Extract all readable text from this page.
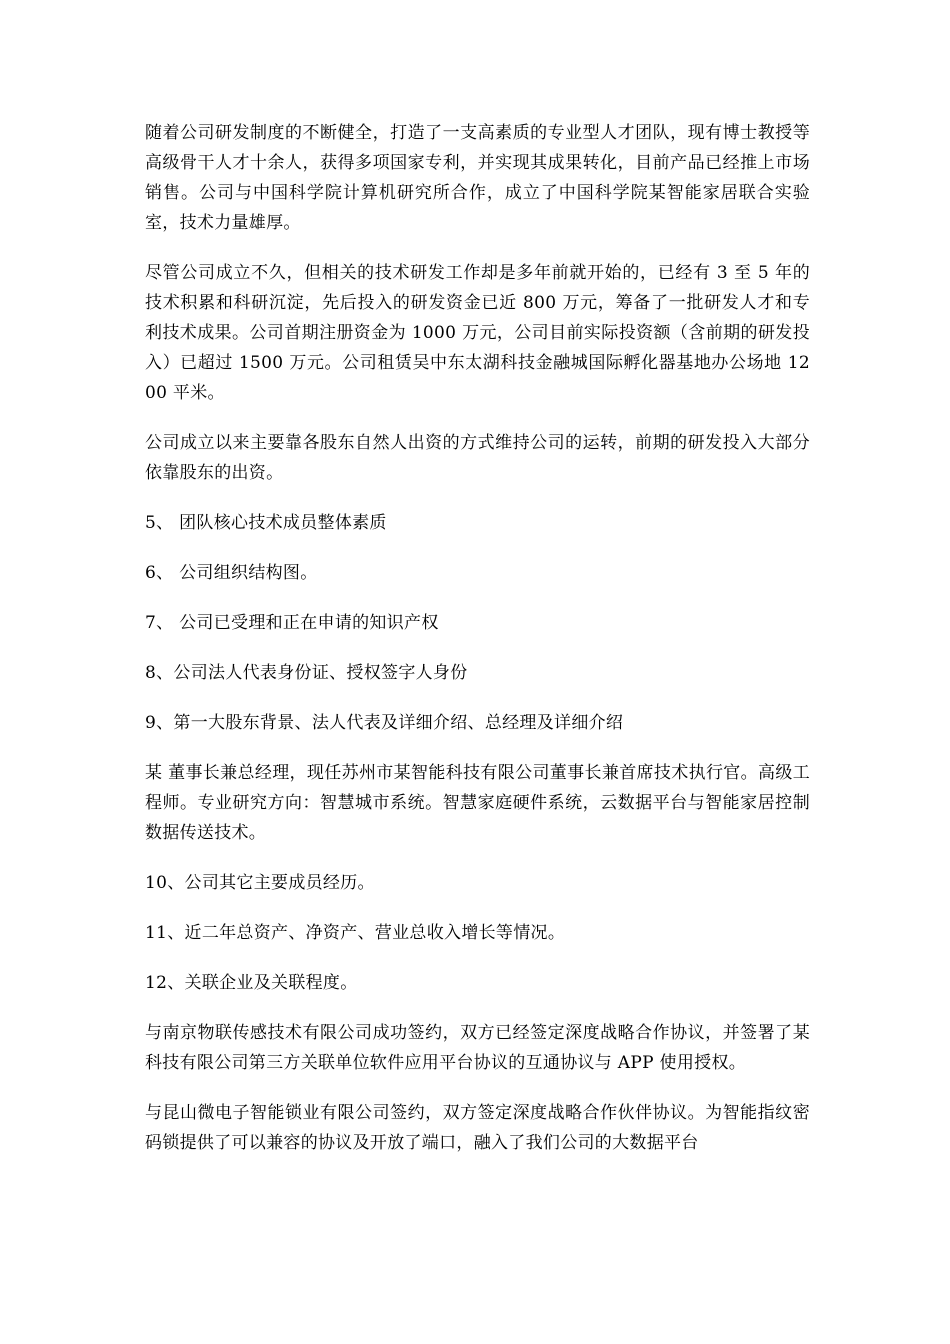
随着公司研发制度的不断健全，打造了一支高素质的专业型人才团队，现有博士教授等高级骨干人才十余人，获得多项国家专利，并实现其成果转化，目前产品已经推上市场销售。公司与中国科学院计算机研究所合作，成立了中国科学院某智能家居联合实验室，技术力量雄厚。

尽管公司成立不久，但相关的技术研发工作却是多年前就开始的，已经有 3 至 5 年的技术积累和科研沉淀，先后投入的研发资金已近 800 万元，筹备了一批研发人才和专利技术成果。公司首期注册资金为 1000 万元，公司目前实际投资额（含前期的研发投入）已超过 1500 万元。公司租赁吴中东太湖科技金融城国际孵化器基地办公场地 1200 平米。

公司成立以来主要靠各股东自然人出资的方式维持公司的运转，前期的研发投入大部分依靠股东的出资。

5、 团队核心技术成员整体素质

6、 公司组织结构图。

7、 公司已受理和正在申请的知识产权

8、公司法人代表身份证、授权签字人身份

9、第一大股东背景、法人代表及详细介绍、总经理及详细介绍

某 董事长兼总经理，现任苏州市某智能科技有限公司董事长兼首席技术执行官。高级工程师。专业研究方向：智慧城市系统。智慧家庭硬件系统，云数据平台与智能家居控制数据传送技术。

10、公司其它主要成员经历。

11、近二年总资产、净资产、营业总收入增长等情况。

12、关联企业及关联程度。

与南京物联传感技术有限公司成功签约，双方已经签定深度战略合作协议，并签署了某科技有限公司第三方关联单位软件应用平台协议的互通协议与 APP 使用授权。

与昆山微电子智能锁业有限公司签约，双方签定深度战略合作伙伴协议。为智能指纹密码锁提供了可以兼容的协议及开放了端口，融入了我们公司的大数据平台
